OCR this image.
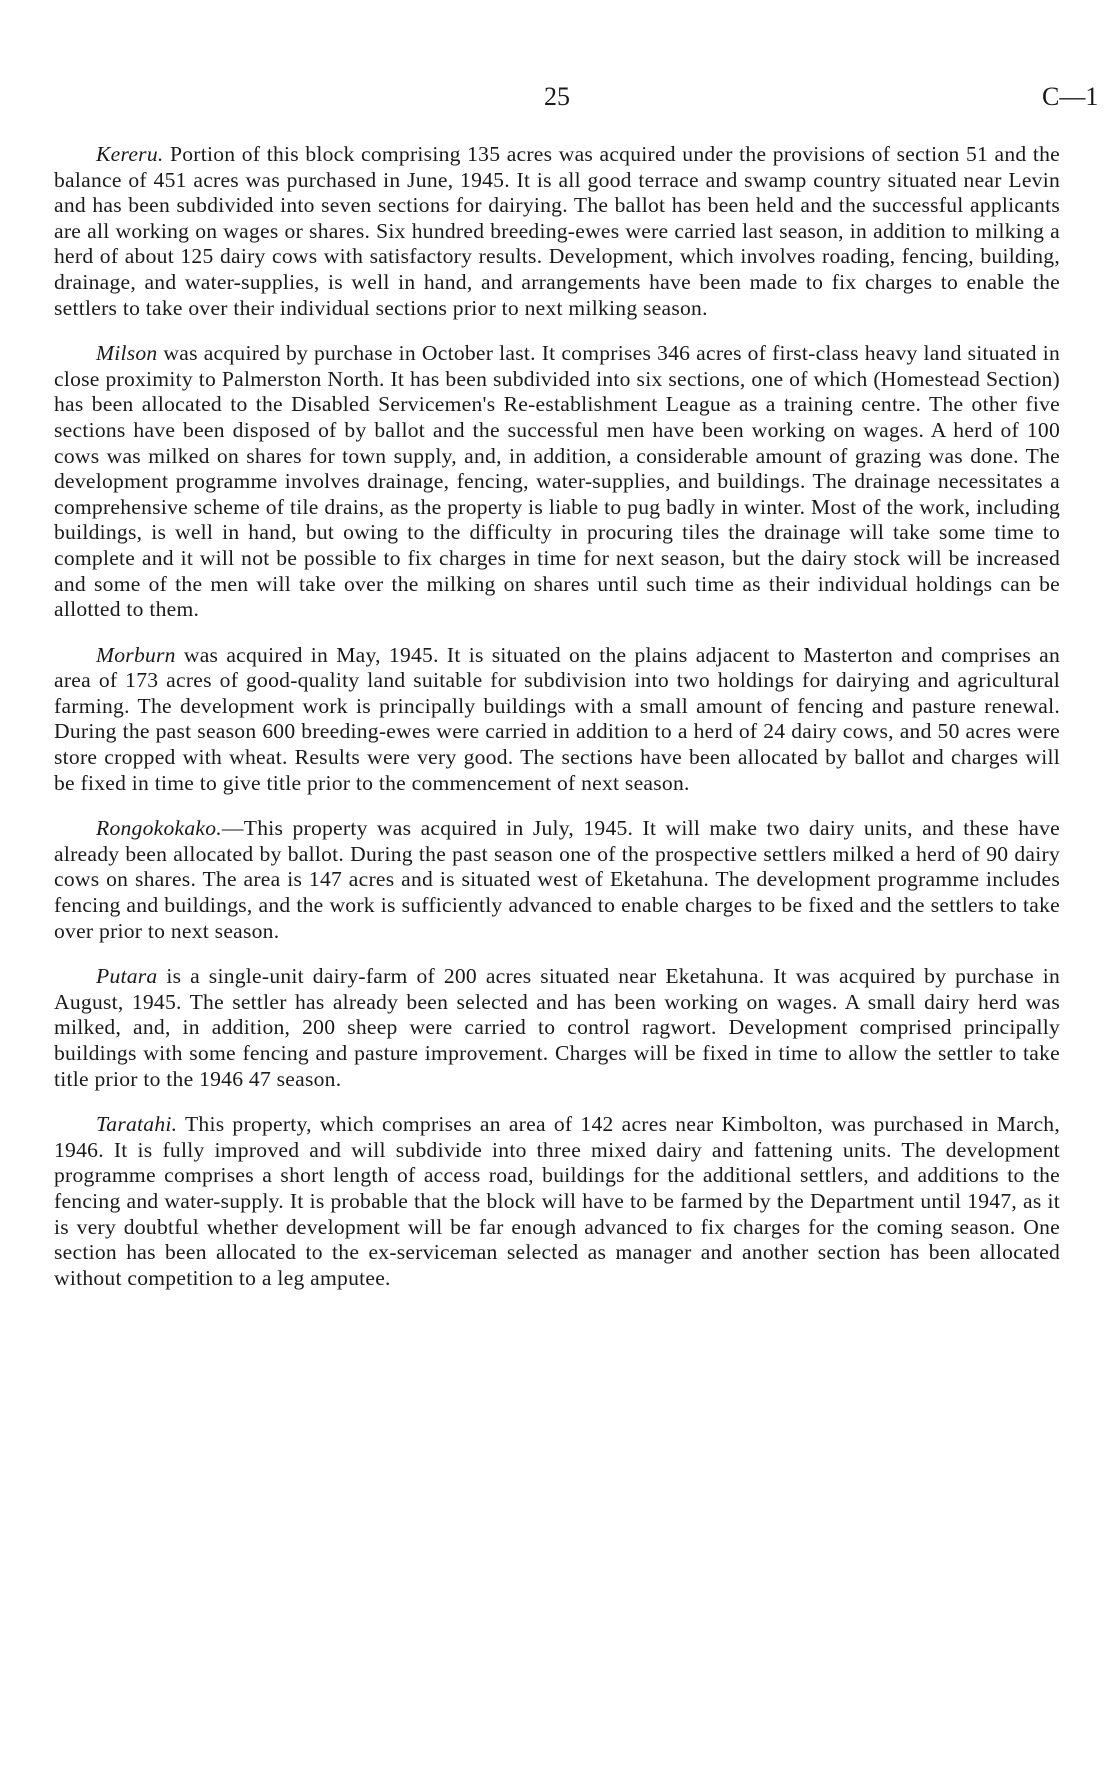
25	C—1

Kereru. Portion of this block comprising 135 acres was acquired under the provisions of section 51 and the balance of 451 acres was purchased in June, 1945. It is all good terrace and swamp country situated near Levin and has been subdivided into seven sections for dairying. The ballot has been held and the successful applicants are all working on wages or shares. Six hundred breeding-ewes were carried last season, in addition to milking a herd of about 125 dairy cows with satisfactory results. Development, which involves roading, fencing, building, drainage, and water-supplies, is well in hand, and arrangements have been made to fix charges to enable the settlers to take over their individual sections prior to next milking season.

Milson was acquired by purchase in October last. It comprises 346 acres of first-class heavy land situated in close proximity to Palmerston North. It has been subdivided into six sections, one of which (Homestead Section) has been allocated to the Disabled Servicemen's Re-establishment League as a training centre. The other five sections have been disposed of by ballot and the successful men have been working on wages. A herd of 100 cows was milked on shares for town supply, and, in addition, a considerable amount of grazing was done. The development programme involves drainage, fencing, water-supplies, and buildings. The drainage necessitates a comprehensive scheme of tile drains, as the property is liable to pug badly in winter. Most of the work, including buildings, is well in hand, but owing to the difficulty in procuring tiles the drainage will take some time to complete and it will not be possible to fix charges in time for next season, but the dairy stock will be increased and some of the men will take over the milking on shares until such time as their individual holdings can be allotted to them.

Morburn was acquired in May, 1945. It is situated on the plains adjacent to Masterton and comprises an area of 173 acres of good-quality land suitable for subdivision into two holdings for dairying and agricultural farming. The development work is principally buildings with a small amount of fencing and pasture renewal. During the past season 600 breeding-ewes were carried in addition to a herd of 24 dairy cows, and 50 acres were store cropped with wheat. Results were very good. The sections have been allocated by ballot and charges will be fixed in time to give title prior to the commencement of next season.

Rongokokako.—This property was acquired in July, 1945. It will make two dairy units, and these have already been allocated by ballot. During the past season one of the prospective settlers milked a herd of 90 dairy cows on shares. The area is 147 acres and is situated west of Eketahuna. The development programme includes fencing and buildings, and the work is sufficiently advanced to enable charges to be fixed and the settlers to take over prior to next season.

Putara is a single-unit dairy-farm of 200 acres situated near Eketahuna. It was acquired by purchase in August, 1945. The settler has already been selected and has been working on wages. A small dairy herd was milked, and, in addition, 200 sheep were carried to control ragwort. Development comprised principally buildings with some fencing and pasture improvement. Charges will be fixed in time to allow the settler to take title prior to the 1946 47 season.

Taratahi. This property, which comprises an area of 142 acres near Kimbolton, was purchased in March, 1946. It is fully improved and will subdivide into three mixed dairy and fattening units. The development programme comprises a short length of access road, buildings for the additional settlers, and additions to the fencing and water-supply. It is probable that the block will have to be farmed by the Department until 1947, as it is very doubtful whether development will be far enough advanced to fix charges for the coming season. One section has been allocated to the ex-serviceman selected as manager and another section has been allocated without competition to a leg amputee.
